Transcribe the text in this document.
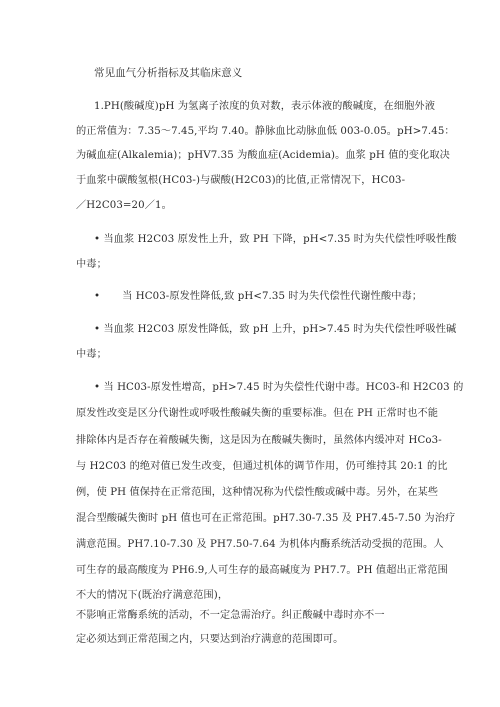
常见血气分析指标及其临床意义
1.PH(酸碱度)pH 为氢离子浓度的负对数，表示体液的酸碱度，在细胞外液
的正常值为：7.35〜7.45,平均 7.40。静脉血比动脉血低 003-0.05。pH>7.45：
为碱血症(Alkalemia)；pHV7.35 为酸血症(Acidemia)。血浆 pH 值的变化取决
于血浆中碳酸氢根(HC03-)与碳酸(H2C03)的比值,正常情况下，HC03-
／H2C03=20／1。
• 当血浆 H2C03 原发性上升，致 PH 下降，pH<7.35 时为失代偿性呼吸性酸
中毒；
• 当 HC03-原发性降低,致 pH<7.35 时为失代偿性代谢性酸中毒；
• 当血浆 H2C03 原发性降低，致 pH 上升，pH>7.45 时为失代偿性呼吸性碱
中毒；
• 当 HC03-原发性增高，pH>7.45 时为失偿性代谢中毒。HC03-和 H2C03 的
原发性改变是区分代谢性或呼吸性酸碱失衡的重要标准。但在 PH 正常时也不能
排除体内是否存在着酸碱失衡，这是因为在酸碱失衡时，虽然体内缓冲对 HCo3-
与 H2C03 的绝对值已发生改变，但通过机体的调节作用，仍可维持其 20:1 的比
例，使 PH 值保持在正常范围，这种情况称为代偿性酸或碱中毒。另外，在某些
混合型酸碱失衡时 pH 值也可在正常范围。pH7.30-7.35 及 PH7.45-7.50 为治疗
满意范围。PH7.10-7.30 及 PH7.50-7.64 为机体内酶系统活动受损的范围。人
可生存的最高酸度为 PH6.9,人可生存的最高碱度为 PH7.7。PH 值超出正常范围
不大的情况下(既治疗满意范围)，
不影响正常酶系统的活动，不一定急需治疗。纠正酸碱中毒时亦不一
定必须达到正常范围之内，只要达到治疗满意的范围即可。
